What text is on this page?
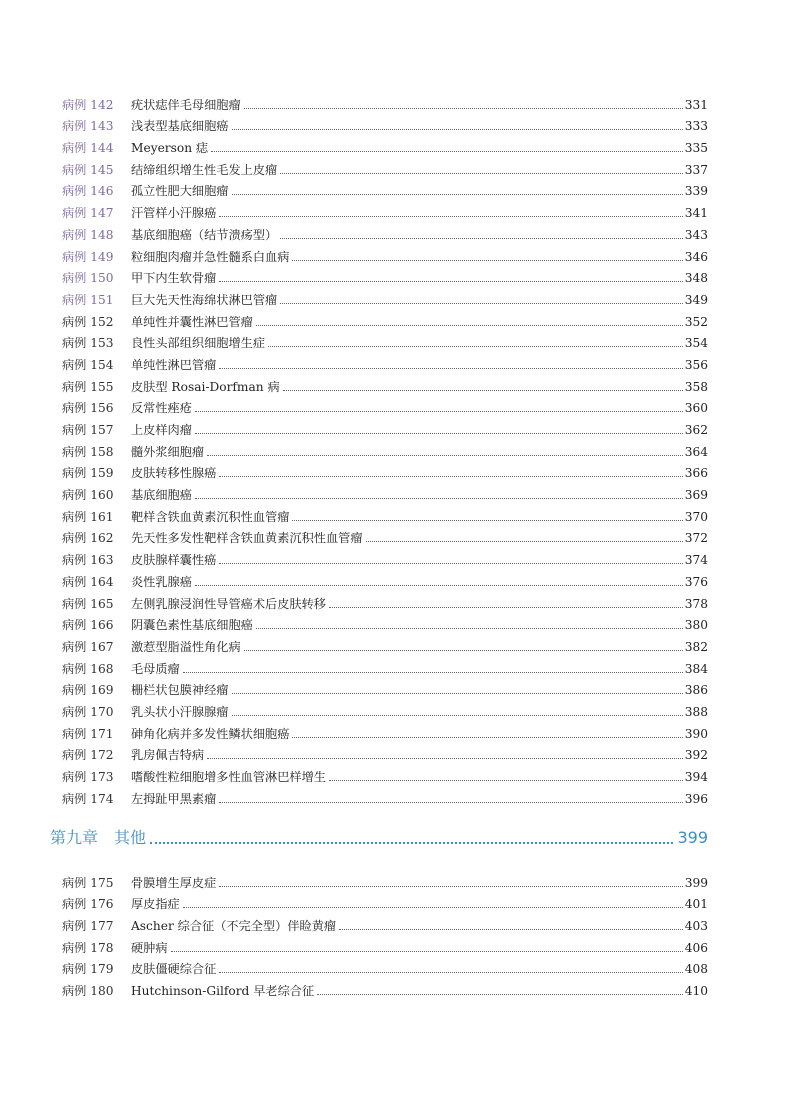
病例 142	疣状痣伴毛母细胞瘤	331
病例 143	浅表型基底细胞癌	333
病例 144	Meyerson 痣	335
病例 145	结缔组织增生性毛发上皮瘤	337
病例 146	孤立性肥大细胞瘤	339
病例 147	汗管样小汗腺癌	341
病例 148	基底细胞癌（结节溃疡型）	343
病例 149	粒细胞肉瘤并急性髓系白血病	346
病例 150	甲下内生软骨瘤	348
病例 151	巨大先天性海绵状淋巴管瘤	349
病例 152	单纯性并囊性淋巴管瘤	352
病例 153	良性头部组织细胞增生症	354
病例 154	单纯性淋巴管瘤	356
病例 155	皮肤型 Rosai-Dorfman 病	358
病例 156	反常性痤疮	360
病例 157	上皮样肉瘤	362
病例 158	髓外浆细胞瘤	364
病例 159	皮肤转移性腺癌	366
病例 160	基底细胞癌	369
病例 161	靶样含铁血黄素沉积性血管瘤	370
病例 162	先天性多发性靶样含铁血黄素沉积性血管瘤	372
病例 163	皮肤腺样囊性癌	374
病例 164	炎性乳腺癌	376
病例 165	左侧乳腺浸润性导管癌术后皮肤转移	378
病例 166	阴囊色素性基底细胞癌	380
病例 167	激惹型脂溢性角化病	382
病例 168	毛母质瘤	384
病例 169	栅栏状包膜神经瘤	386
病例 170	乳头状小汗腺腺瘤	388
病例 171	砷角化病并多发性鳞状细胞癌	390
病例 172	乳房佩吉特病	392
病例 173	嗜酸性粒细胞增多性血管淋巴样增生	394
病例 174	左拇趾甲黑素瘤	396
第九章 其他	399
病例 175	骨膜增生厚皮症	399
病例 176	厚皮指症	401
病例 177	Ascher 综合征（不完全型）伴睑黄瘤	403
病例 178	硬肿病	406
病例 179	皮肤僵硬综合征	408
病例 180	Hutchinson-Gilford 早老综合征	410
